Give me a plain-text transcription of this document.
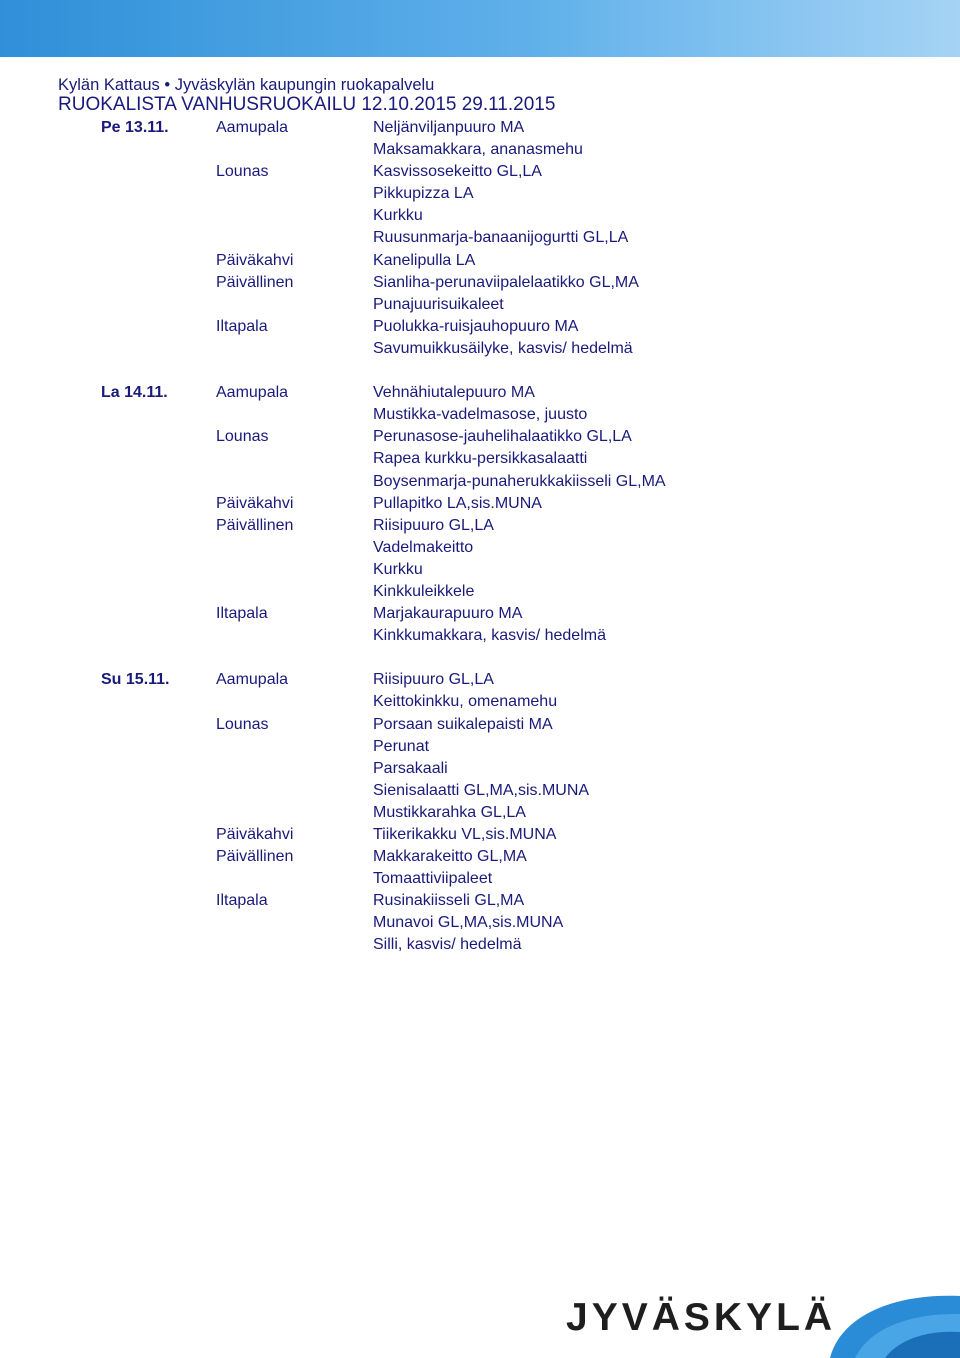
Kylän Kattaus • Jyväskylän kaupungin ruokapalvelu
RUOKALISTA VANHUSRUOKAILU 12.10.2015 29.11.2015
Pe 13.11.	Aamupala	Neljänviljanpuuro MA
Maksamakkara, ananasmehu
Lounas	Kasvissosekeitto GL,LA
Pikkupizza LA
Kurkku
Ruusunmarja-banaanijogurtti GL,LA
Päiväkahvi	Kanelipulla LA
Päivällinen	Sianliha-perunaviipalelaatikko GL,MA
Punajuurisuikaleet
Iltapala	Puolukka-ruisjauhopuuro MA
Savumuikkusäilyke, kasvis/ hedelmä
La 14.11.	Aamupala	Vehnähiutalepuuro MA
Mustikka-vadelmasose, juusto
Lounas	Perunasose-jauhelihalaatikko GL,LA
Rapea kurkku-persikkasalaatti
Boysenmarja-punaherukkakiisseli GL,MA
Päiväkahvi	Pullapitko LA,sis.MUNA
Päivällinen	Riisipuuro GL,LA
Vadelmakeitto
Kurkku
Kinkkuleikkele
Iltapala	Marjakaurapuuro MA
Kinkkumakkara, kasvis/ hedelmä
Su 15.11.	Aamupala	Riisipuuro GL,LA
Keittokinkku, omenamehu
Lounas	Porsaan suikalepaisti MA
Perunat
Parsakaali
Sienisalaatti GL,MA,sis.MUNA
Mustikkarahka GL,LA
Päiväkahvi	Tiikerikakku VL,sis.MUNA
Päivällinen	Makkarakeitto GL,MA
Tomaattiviipaleet
Iltapala	Rusinakiisseli GL,MA
Munavoi GL,MA,sis.MUNA
Silli, kasvis/ hedelmä
JYVÄSKYLÄ
